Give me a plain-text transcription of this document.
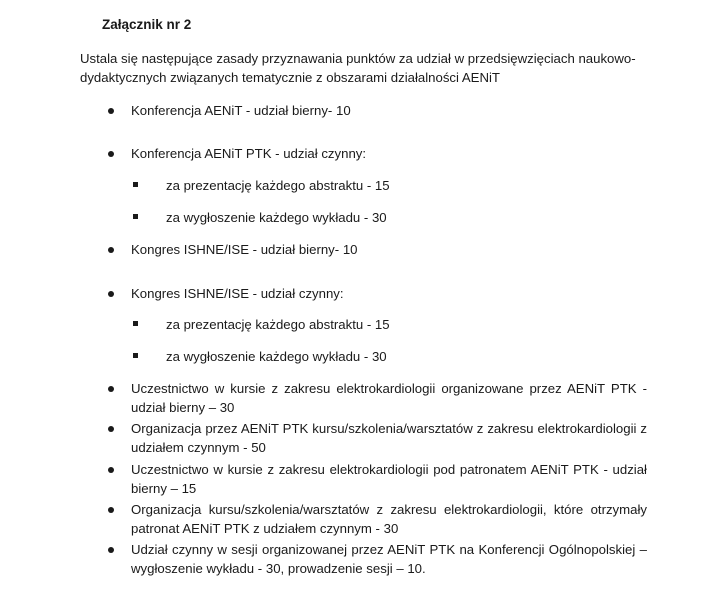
Załącznik nr 2
Ustala się następujące zasady przyznawania punktów za udział w przedsięwzięciach naukowo-dydaktycznych związanych tematycznie z obszarami działalności AENiT
Konferencja AENiT - udział bierny- 10
Konferencja AENiT PTK - udział czynny:
za prezentację każdego abstraktu - 15
za wygłoszenie każdego wykładu - 30
Kongres ISHNE/ISE - udział bierny- 10
Kongres ISHNE/ISE - udział czynny:
za prezentację każdego abstraktu - 15
za wygłoszenie każdego wykładu - 30
Uczestnictwo w kursie z zakresu elektrokardiologii organizowane przez AENiT PTK - udział bierny – 30
Organizacja przez AENiT PTK kursu/szkolenia/warsztatów z zakresu elektrokardiologii z udziałem czynnym - 50
Uczestnictwo w kursie z zakresu elektrokardiologii pod patronatem AENiT PTK - udział bierny – 15
Organizacja kursu/szkolenia/warsztatów z zakresu elektrokardiologii, które otrzymały patronat AENiT PTK z udziałem czynnym - 30
Udział czynny w sesji organizowanej przez AENiT PTK na Konferencji Ogólnopolskiej – wygłoszenie wykładu - 30, prowadzenie sesji – 10.
